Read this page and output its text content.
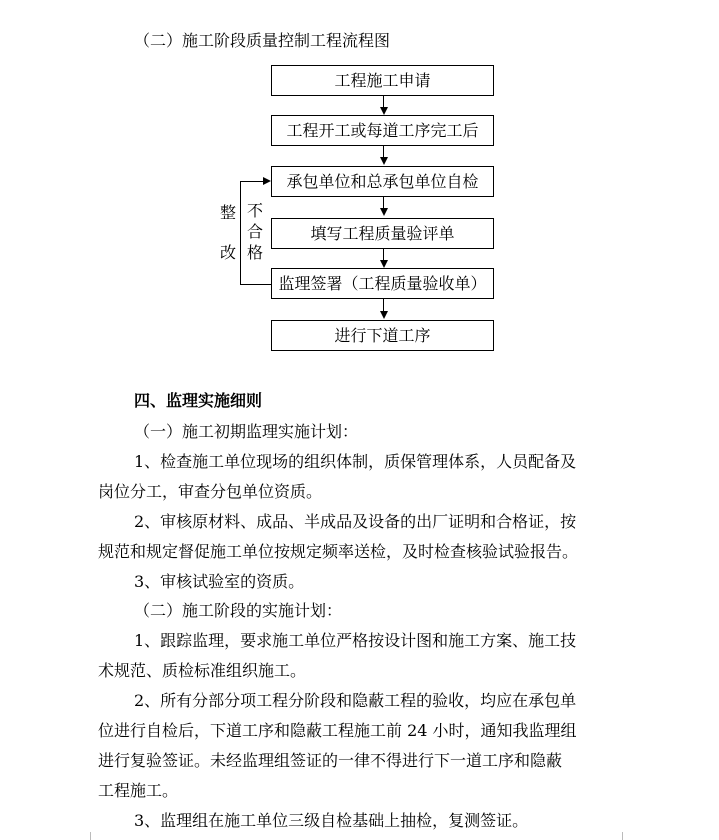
（二）施工阶段质量控制工程流程图
工程施工申请
工程开工或每道工序完工后
承包单位和总承包单位自检
填写工程质量验评单
监理签署（工程质量验收单）
进行下道工序
整
改
不
合
格
四、监理实施细则
（一）施工初期监理实施计划：
1、检查施工单位现场的组织体制，质保管理体系，人员配备及
岗位分工，审查分包单位资质。
2、审核原材料、成品、半成品及设备的出厂证明和合格证，按
规范和规定督促施工单位按规定频率送检，及时检查核验试验报告。
3、审核试验室的资质。
（二）施工阶段的实施计划：
1、跟踪监理，要求施工单位严格按设计图和施工方案、施工技
术规范、质检标准组织施工。
2、所有分部分项工程分阶段和隐蔽工程的验收，均应在承包单
位进行自检后，下道工序和隐蔽工程施工前 24 小时，通知我监理组
进行复验签证。未经监理组签证的一律不得进行下一道工序和隐蔽
工程施工。
3、监理组在施工单位三级自检基础上抽检，复测签证。
